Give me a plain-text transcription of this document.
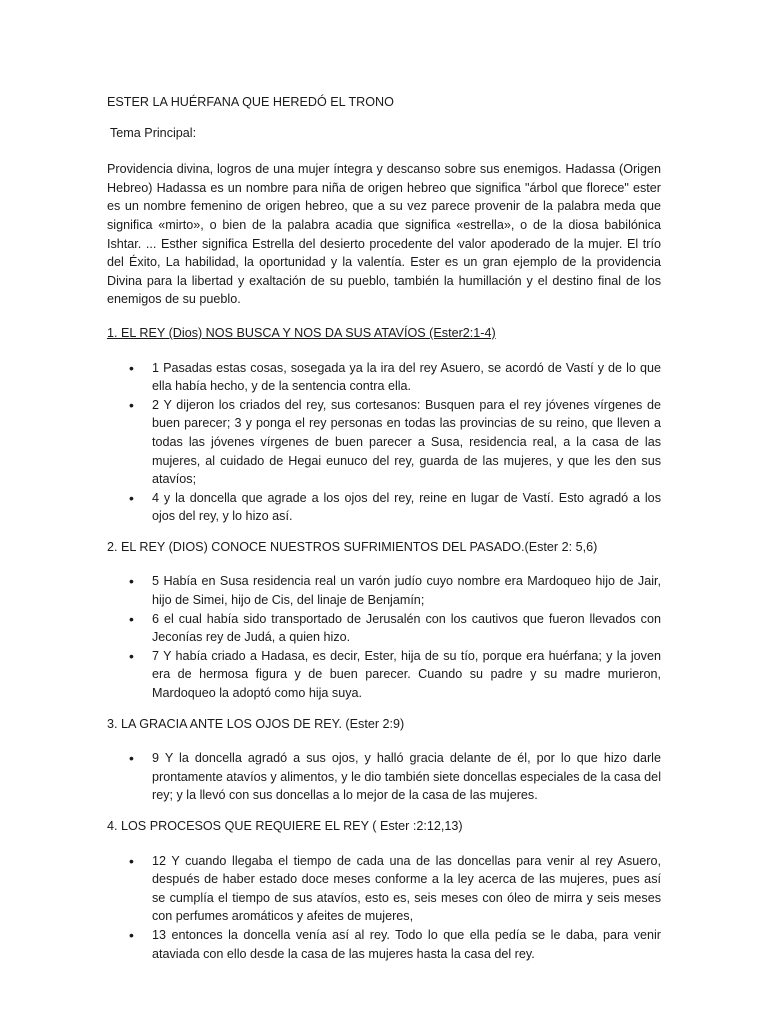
ESTER LA HUÉRFANA QUE HEREDÓ EL TRONO

Tema Principal:

Providencia divina, logros de una mujer íntegra y descanso sobre sus enemigos. Hadassa (Origen Hebreo) Hadassa es un nombre para niña de origen hebreo que significa "árbol que florece" ester es un nombre femenino de origen hebreo, que a su vez parece provenir de la palabra meda que significa «mirto», o bien de la palabra acadia que significa «estrella», o de la diosa babilónica Ishtar. ... Esther significa Estrella del desierto procedente del valor apoderado de la mujer. El trío del Éxito, La habilidad, la oportunidad y la valentía. Ester es un gran ejemplo de la providencia Divina para la libertad y exaltación de su pueblo, también la humillación y el destino final de los enemigos de su pueblo.

1. EL REY (Dios) NOS BUSCA Y NOS DA SUS ATAVÍOS (Ester2:1-4)

• 1 Pasadas estas cosas, sosegada ya la ira del rey Asuero, se acordó de Vastí y de lo que ella había hecho, y de la sentencia contra ella.
• 2 Y dijeron los criados del rey, sus cortesanos: Busquen para el rey jóvenes vírgenes de buen parecer; 3 y ponga el rey personas en todas las provincias de su reino, que lleven a todas las jóvenes vírgenes de buen parecer a Susa, residencia real, a la casa de las mujeres, al cuidado de Hegai eunuco del rey, guarda de las mujeres, y que les den sus atavíos;
• 4 y la doncella que agrade a los ojos del rey, reine en lugar de Vastí. Esto agradó a los ojos del rey, y lo hizo así.

2. EL REY (DIOS) CONOCE NUESTROS SUFRIMIENTOS DEL PASADO.(Ester 2: 5,6)

• 5 Había en Susa residencia real un varón judío cuyo nombre era Mardoqueo hijo de Jair, hijo de Simei, hijo de Cis, del linaje de Benjamín;
• 6 el cual había sido transportado de Jerusalén con los cautivos que fueron llevados con Jeconías rey de Judá, a quien hizo.
• 7 Y había criado a Hadasa, es decir, Ester, hija de su tío, porque era huérfana; y la joven era de hermosa figura y de buen parecer. Cuando su padre y su madre murieron, Mardoqueo la adoptó como hija suya.

3. LA GRACIA ANTE LOS OJOS DE REY. (Ester 2:9)

• 9 Y la doncella agradó a sus ojos, y halló gracia delante de él, por lo que hizo darle prontamente atavíos y alimentos, y le dio también siete doncellas especiales de la casa del rey; y la llevó con sus doncellas a lo mejor de la casa de las mujeres.

4. LOS PROCESOS QUE REQUIERE EL REY ( Ester :2:12,13)

• 12 Y cuando llegaba el tiempo de cada una de las doncellas para venir al rey Asuero, después de haber estado doce meses conforme a la ley acerca de las mujeres, pues así se cumplía el tiempo de sus atavíos, esto es, seis meses con óleo de mirra y seis meses con perfumes aromáticos y afeites de mujeres,
• 13 entonces la doncella venía así al rey. Todo lo que ella pedía se le daba, para venir ataviada con ello desde la casa de las mujeres hasta la casa del rey.
